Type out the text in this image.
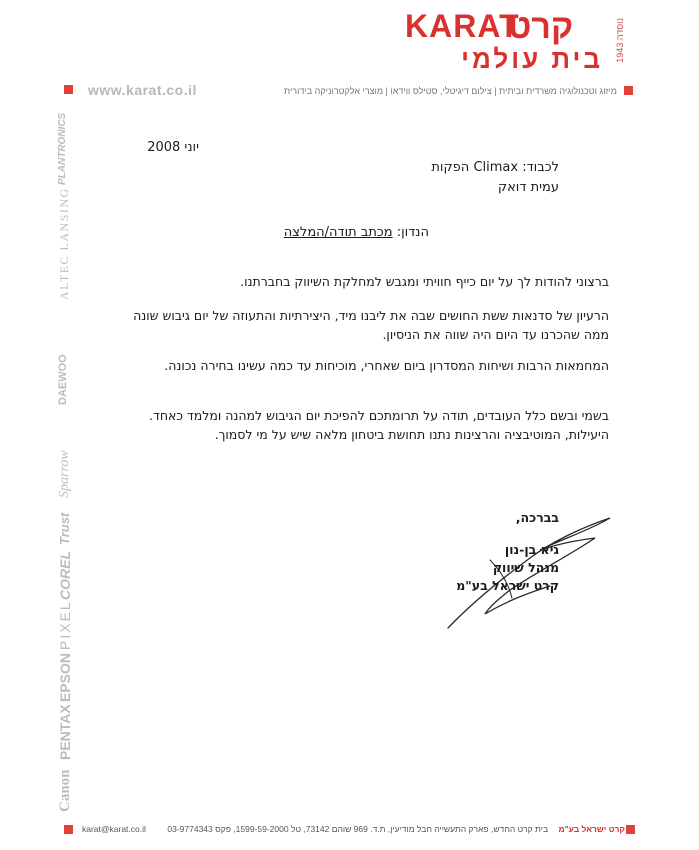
KARAT
קרט
בית עולמי נוסדה 1943
www.karat.co.il	מיזוג וטכנולוגיה משרדית וביתית | צילום דיגיטלי, סטילס ווידאו | מוצרי אלקטרוניקה בידורית
PLANTRONICS
ALTEC LANSING
DAEWOO
Sparrow
Trust
COREL
PIXEL
EPSON
PENTAX
Canon
יוני 2008
לכבוד: Climax הפקות
עמית דואק
הנדון: מכתב תודה/המלצה
ברצוני להודות לך על יום כייף חוויתי ומגבש למחלקת השיווק בחברתנו.
הרעיון של סדנאות ששת החושים שבה את ליבנו מיד, היצירתיות והתעוזה של יום גיבוש שונה ממה שהכרנו עד היום היה שווה את הניסיון.
המחמאות הרבות ושיחות המסדרון ביום שאחרי, מוכיחות עד כמה עשינו בחירה נכונה.
בשמי ובשם כלל העובדים, תודה על תרומתכם להפיכת יום הגיבוש למהנה ומלמד כאחד. היעילות, המוטיבציה והרצינות נתנו תחושת ביטחון מלאה שיש על מי לסמוך.
בברכה,
גיא בן-נון
מנהל שיווק
קרט ישראל בע"מ
karat@karat.co.il	קרט ישראל בע"מ בית קרט החדש, פארק התעשייה חבל מודיעין, ת.ד. 969 שוהם 73142, טל 1599-59-2000, פקס 03-9774343
